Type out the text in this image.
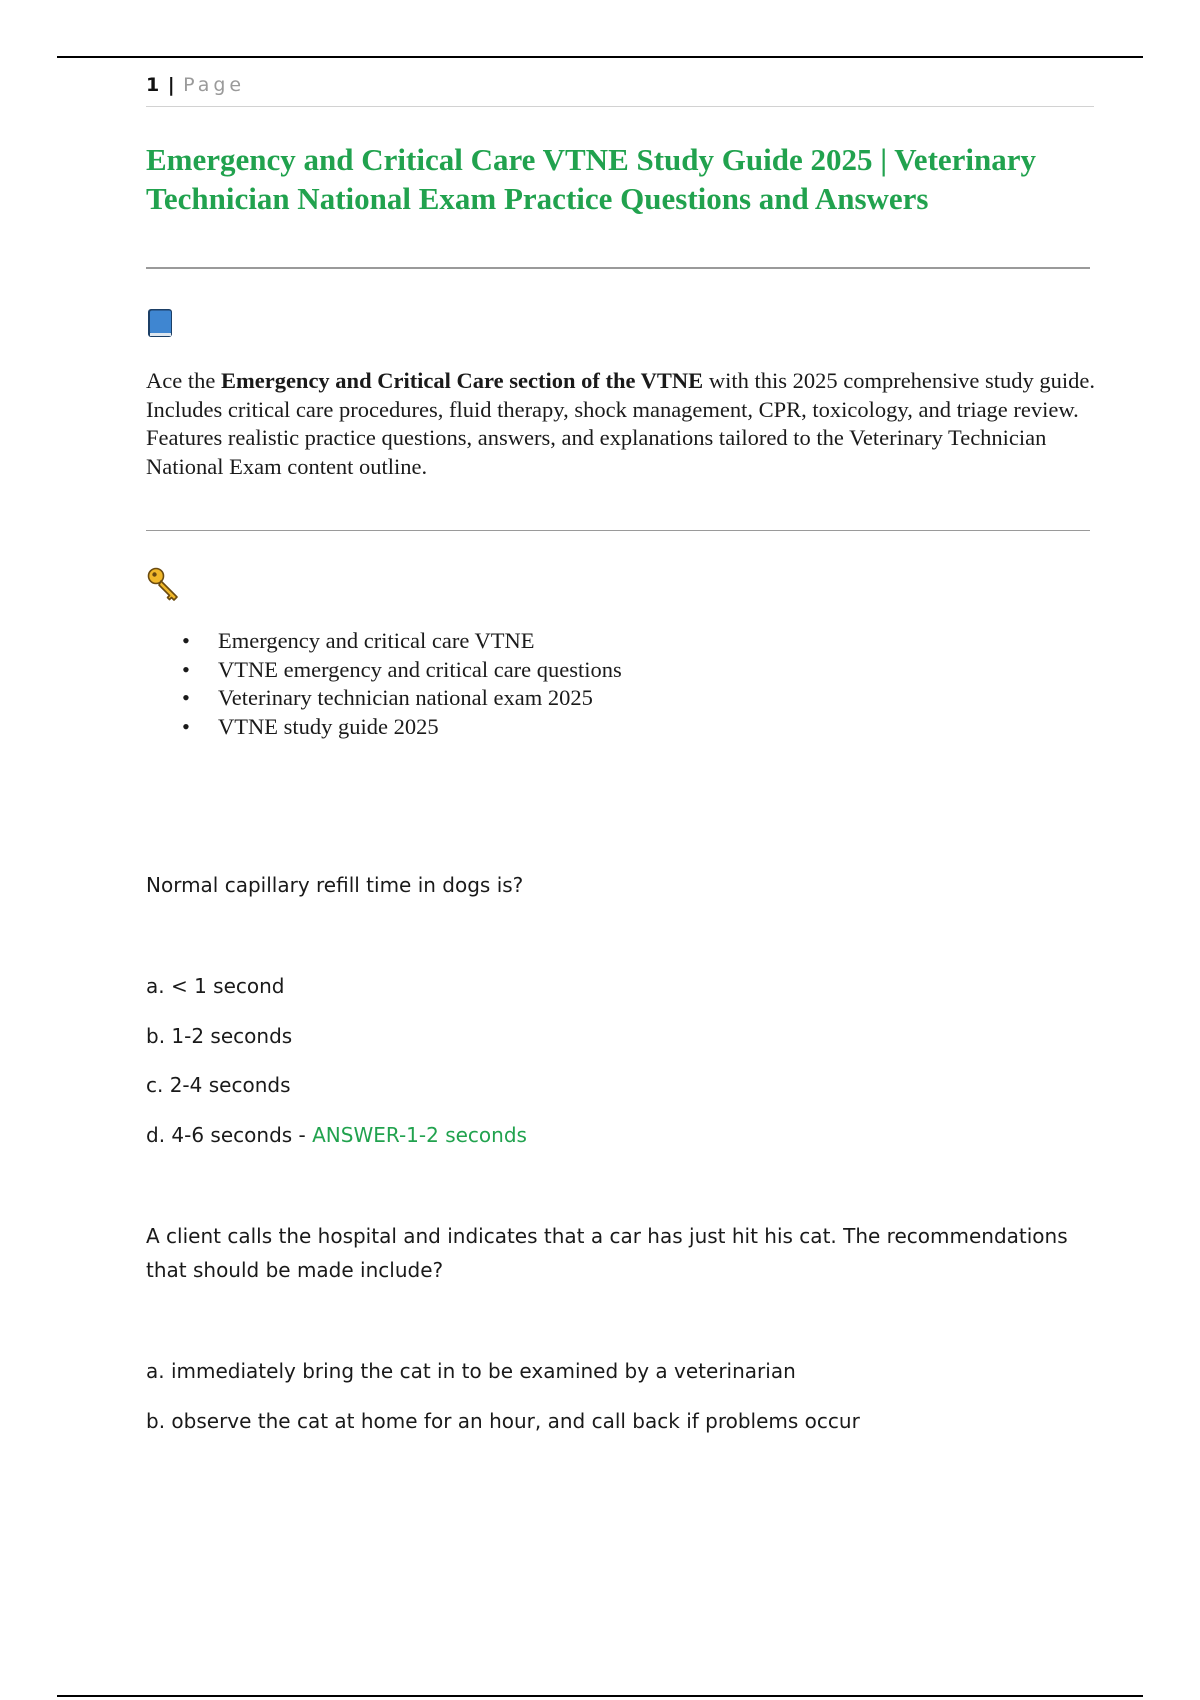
1 | Page
Emergency and Critical Care VTNE Study Guide 2025 | Veterinary Technician National Exam Practice Questions and Answers

Ace the Emergency and Critical Care section of the VTNE with this 2025 comprehensive study guide. Includes critical care procedures, fluid therapy, shock management, CPR, toxicology, and triage review. Features realistic practice questions, answers, and explanations tailored to the Veterinary Technician National Exam content outline.

• Emergency and critical care VTNE
• VTNE emergency and critical care questions
• Veterinary technician national exam 2025
• VTNE study guide 2025

Normal capillary refill time in dogs is?

a. < 1 second

b. 1-2 seconds

c. 2-4 seconds

d. 4-6 seconds - ANSWER-1-2 seconds

A client calls the hospital and indicates that a car has just hit his cat. The recommendations that should be made include?

a. immediately bring the cat in to be examined by a veterinarian

b. observe the cat at home for an hour, and call back if problems occur
